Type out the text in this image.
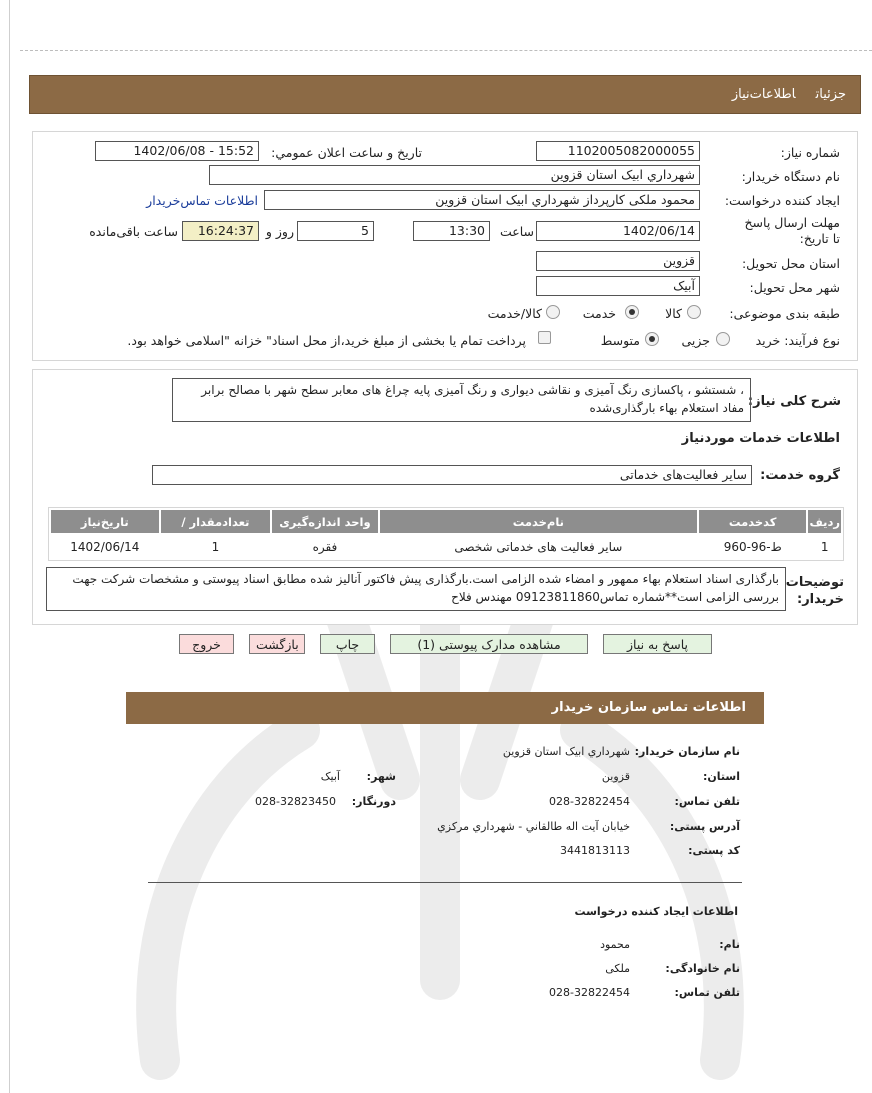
جزئیاتاطلاعات‌نیاز
شماره نیاز:
1102005082000055
تاریخ و ساعت اعلان عمومي:
1402/06/08 - 15:52
نام دستگاه خریدار:
شهرداري ابيک استان قزوين
ایجاد کننده درخواست:
محمود ملکی کارپرداز شهرداري ابيک استان قزوين
اطلاعات تماس‌خریدار
مهلت ارسال پاسخ تا تاریخ:
1402/06/14
ساعت
13:30
5
روز و
16:24:37
ساعت باقی‌مانده
استان محل تحویل:
قزوين
شهر محل تحویل:
آبيک
طبقه بندی موضوعی:
کالا
خدمت
کالا/خدمت
نوع فرآیند: خرید
جزیی
متوسط
پرداخت تمام یا بخشی از مبلغ خرید،از محل اسناد" خزانه "اسلامی خواهد بود.
شرح کلی نیاز:
، شستشو ، پاکسازی رنگ آمیزی و نقاشی دیواری و رنگ آمیزی پایه چراغ های معابر سطح شهر با مصالح برابر مفاد استعلام بهاء بارگذاری‌شده
اطلاعات خدمات موردنیاز
گروه خدمت:
سایر فعالیت‌های خدماتی
ردیف	کدخدمت	نام‌خدمت	واحد اندازه‌گیری	تعدادمقدار /	تاریخ‌نیاز
1	ط-96-960	سایر فعالیت های خدماتی شخصی	فقره	1	1402/06/14
توضیحات خریدار:
بارگذاری اسناد استعلام بهاء ممهور و امضاء شده الزامی است.بارگذاری پیش فاکتور آنالیز شده مطابق اسناد پیوستی و مشخصات شرکت جهت بررسی الزامی است**شماره تماس09123811860 مهندس فلاح
پاسخ به نیاز
مشاهده مدارک پیوستی (1)
چاپ
بازگشت
خروج
اطلاعات تماس سازمان خریدار
نام سازمان خریدار:
شهرداري ابيک استان قزوين
استان:
قزوين
شهر:
آبيک
تلفن تماس:
028-32822454
دورنگار:
028-32823450
آدرس پستی:
خيابان آيت اله طالقاني - شهرداري مرکزي
کد پستی:
3441813113
اطلاعات ایجاد کننده درخواست
نام:
محمود
نام خانوادگی:
ملکی
تلفن تماس:
028-32822454
